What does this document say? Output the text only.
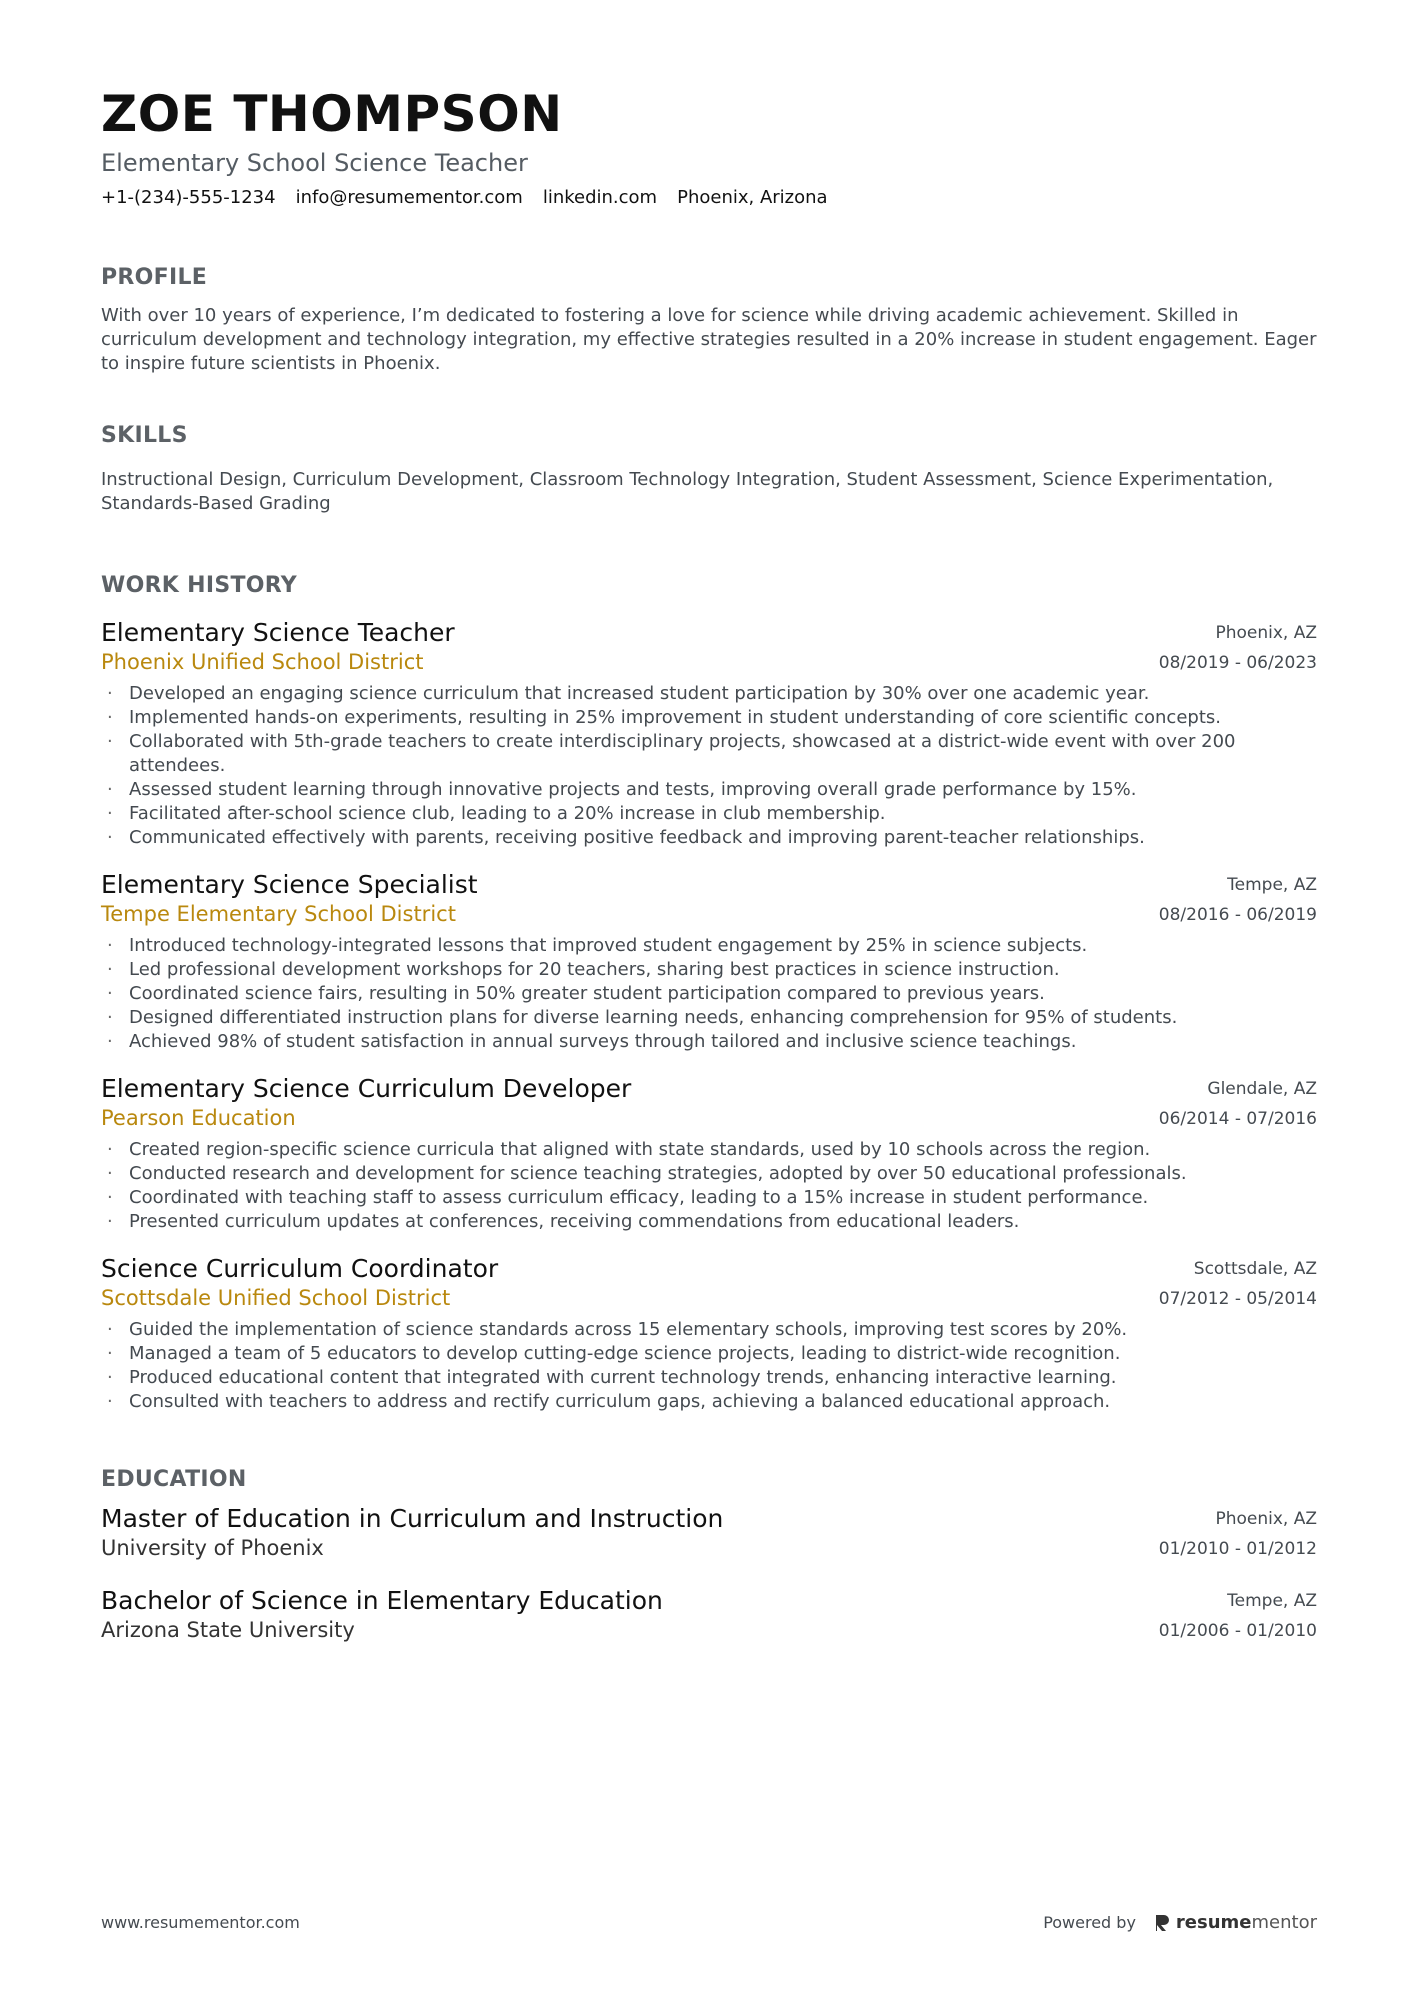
ZOE THOMPSON
Elementary School Science Teacher
+1-(234)-555-1234 info@resumementor.com linkedin.com Phoenix, Arizona
PROFILE

With over 10 years of experience, I’m dedicated to fostering a love for science while driving academic achievement. Skilled in curriculum development and technology integration, my effective strategies resulted in a 20% increase in student engagement. Eager to inspire future scientists in Phoenix.

SKILLS

Instructional Design, Curriculum Development, Classroom Technology Integration, Student Assessment, Science Experimentation, Standards-Based Grading

WORK HISTORY
Elementary Science Teacher
Phoenix Unified School District
Phoenix, AZ
08/2019 - 06/2023
· Developed an engaging science curriculum that increased student participation by 30% over one academic year.
· Implemented hands-on experiments, resulting in 25% improvement in student understanding of core scientific concepts.
· Collaborated with 5th-grade teachers to create interdisciplinary projects, showcased at a district-wide event with over 200 attendees.
· Assessed student learning through innovative projects and tests, improving overall grade performance by 15%.
· Facilitated after-school science club, leading to a 20% increase in club membership.
· Communicated effectively with parents, receiving positive feedback and improving parent-teacher relationships.
Elementary Science Specialist
Tempe Elementary School District
Tempe, AZ
08/2016 - 06/2019
· Introduced technology-integrated lessons that improved student engagement by 25% in science subjects.
· Led professional development workshops for 20 teachers, sharing best practices in science instruction.
· Coordinated science fairs, resulting in 50% greater student participation compared to previous years.
· Designed differentiated instruction plans for diverse learning needs, enhancing comprehension for 95% of students.
· Achieved 98% of student satisfaction in annual surveys through tailored and inclusive science teachings.
Elementary Science Curriculum Developer
Pearson Education
Glendale, AZ
06/2014 - 07/2016
· Created region-specific science curricula that aligned with state standards, used by 10 schools across the region.
· Conducted research and development for science teaching strategies, adopted by over 50 educational professionals.
· Coordinated with teaching staff to assess curriculum efficacy, leading to a 15% increase in student performance.
· Presented curriculum updates at conferences, receiving commendations from educational leaders.
Science Curriculum Coordinator
Scottsdale Unified School District
Scottsdale, AZ
07/2012 - 05/2014
· Guided the implementation of science standards across 15 elementary schools, improving test scores by 20%.
· Managed a team of 5 educators to develop cutting-edge science projects, leading to district-wide recognition.
· Produced educational content that integrated with current technology trends, enhancing interactive learning.
· Consulted with teachers to address and rectify curriculum gaps, achieving a balanced educational approach.
EDUCATION
Master of Education in Curriculum and Instruction
University of Phoenix
Phoenix, AZ
01/2010 - 01/2012
Bachelor of Science in Elementary Education
Arizona State University
Tempe, AZ
01/2006 - 01/2010
www.resumementor.com	Powered by resume mentor
